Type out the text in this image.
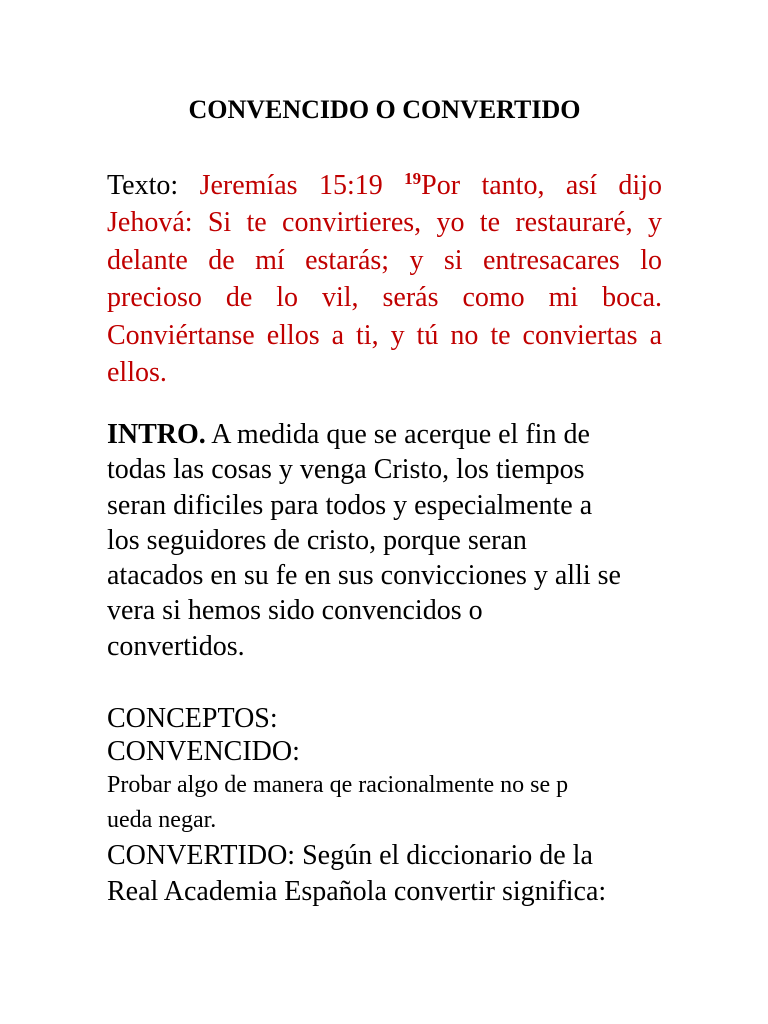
CONVENCIDO O CONVERTIDO
Texto: Jeremías 15:19 $^{19}$Por tanto, así dijo Jehová: Si te convirtieres, yo te restauraré, y delante de mí estarás; y si entresacares lo precioso de lo vil, serás como mi boca. Conviértanse ellos a ti, y tú no te conviertas a ellos.
INTRO. A medida que se acerque el fin de
todas las cosas y venga Cristo, los tiempos
seran dificiles para todos y especialmente a
los seguidores de cristo, porque seran
atacados en su fe en sus convicciones y alli se
vera si hemos sido convencidos o
convertidos.
CONCEPTOS:
CONVENCIDO:
Probar algo de manera qe racionalmente no se p
ueda negar.
CONVERTIDO: Según el diccionario de la
Real Academia Española convertir significa:
